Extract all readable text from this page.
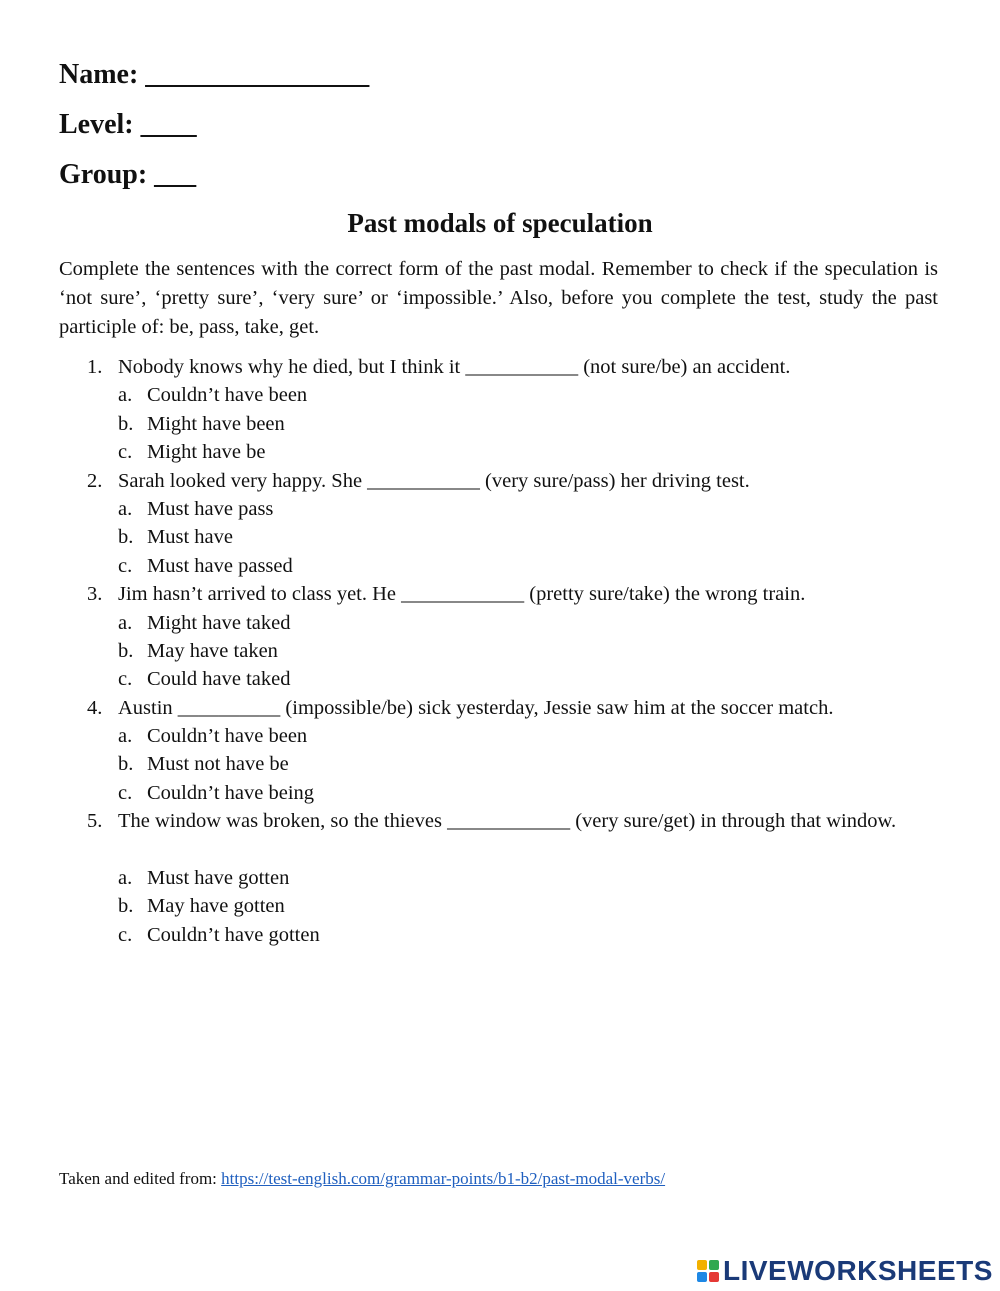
Name: ________________
Level: ____
Group: ___
Past modals of speculation
Complete the sentences with the correct form of the past modal. Remember to check if the speculation is ‘not sure’, ‘pretty sure’, ‘very sure’ or ‘impossible.’ Also, before you complete the test, study the past participle of: be, pass, take, get.
1. Nobody knows why he died, but I think it ___________ (not sure/be) an accident.
a. Couldn’t have been
b. Might have been
c. Might have be
2. Sarah looked very happy. She ___________ (very sure/pass) her driving test.
a. Must have pass
b. Must have
c. Must have passed
3. Jim hasn’t arrived to class yet. He ____________ (pretty sure/take) the wrong train.
a. Might have taked
b. May have taken
c. Could have taked
4. Austin __________ (impossible/be) sick yesterday, Jessie saw him at the soccer match.
a. Couldn’t have been
b. Must not have be
c. Couldn’t have being
5. The window was broken, so the thieves ____________ (very sure/get) in through that window.
a. Must have gotten
b. May have gotten
c. Couldn’t have gotten
Taken and edited from: https://test-english.com/grammar-points/b1-b2/past-modal-verbs/
LIVEWORKSHEETS
